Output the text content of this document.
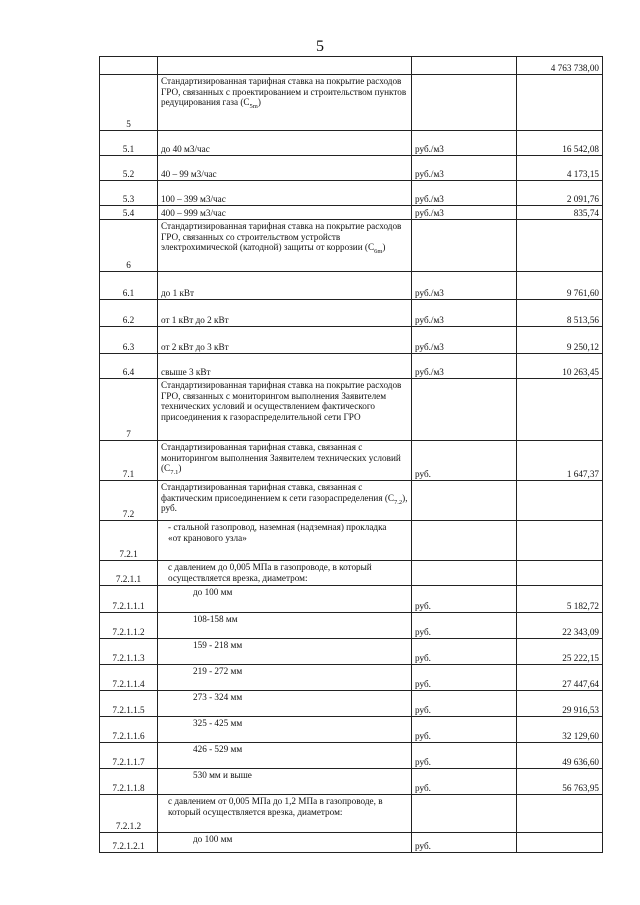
5
			4 763 738,00
5	Стандартизированная тарифная ставка на покрытие расходов ГРО, связанных с проектированием и строительством пунктов редуцирования газа $(С_{5m})$		
5.1	до 40 м3/час	руб./м3	16 542,08
5.2	40 – 99 м3/час	руб./м3	4 173,15
5.3	100 – 399 м3/час	руб./м3	2 091,76
5.4	400 – 999 м3/час	руб./м3	835,74
6	Стандартизированная тарифная ставка на покрытие расходов ГРО, связанных со строительством устройств электрохимической (катодной) защиты от коррозии $(С_{6m})$		
6.1	до 1 кВт	руб./м3	9 761,60
6.2	от 1 кВт до 2 кВт	руб./м3	8 513,56
6.3	от 2 кВт до 3 кВт	руб./м3	9 250,12
6.4	свыше 3 кВт	руб./м3	10 263,45
7	Стандартизированная тарифная ставка на покрытие расходов ГРО, связанных с мониторингом выполнения Заявителем технических условий и осуществлением фактического присоединения к газораспределительной сети ГРО		
7.1	Стандартизированная тарифная ставка, связанная с мониторингом выполнения Заявителем технических условий $(С_{7.1})$	руб.	1 647,37
7.2	Стандартизированная тарифная ставка, связанная с фактическим присоединением к сети газораспределения $(С_{7.2})$, руб.		
7.2.1	- стальной газопровод, наземная (надземная) прокладка
«от кранового узла»		
7.2.1.1	с давлением до 0,005 МПа в газопроводе, в который осуществляется врезка, диаметром:		
7.2.1.1.1	до 100 мм	руб.	5 182,72
7.2.1.1.2	108-158 мм	руб.	22 343,09
7.2.1.1.3	159 - 218 мм	руб.	25 222,15
7.2.1.1.4	219 - 272 мм	руб.	27 447,64
7.2.1.1.5	273 - 324 мм	руб.	29 916,53
7.2.1.1.6	325 - 425 мм	руб.	32 129,60
7.2.1.1.7	426 - 529 мм	руб.	49 636,60
7.2.1.1.8	530 мм и выше	руб.	56 763,95
7.2.1.2	с давлением от 0,005 МПа до 1,2 МПа в газопроводе, в который осуществляется врезка, диаметром:		
7.2.1.2.1	до 100 мм	руб.	
